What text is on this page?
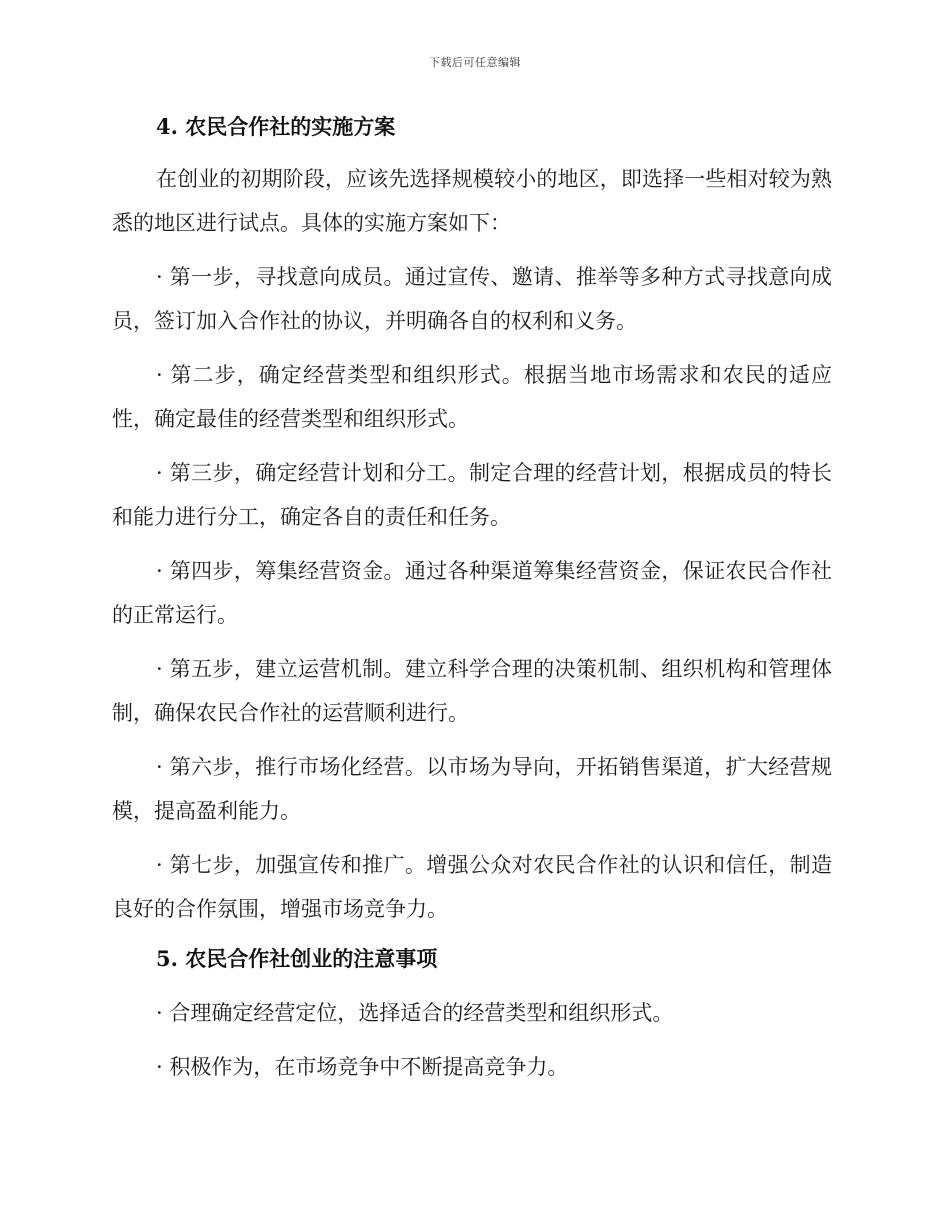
下载后可任意编辑
4. 农民合作社的实施方案

在创业的初期阶段，应该先选择规模较小的地区，即选择一些相对较为熟悉的地区进行试点。具体的实施方案如下：

· 第一步，寻找意向成员。通过宣传、邀请、推举等多种方式寻找意向成员，签订加入合作社的协议，并明确各自的权利和义务。

· 第二步，确定经营类型和组织形式。根据当地市场需求和农民的适应性，确定最佳的经营类型和组织形式。

· 第三步，确定经营计划和分工。制定合理的经营计划，根据成员的特长和能力进行分工，确定各自的责任和任务。

· 第四步，筹集经营资金。通过各种渠道筹集经营资金，保证农民合作社的正常运行。

· 第五步，建立运营机制。建立科学合理的决策机制、组织机构和管理体制，确保农民合作社的运营顺利进行。

· 第六步，推行市场化经营。以市场为导向，开拓销售渠道，扩大经营规模，提高盈利能力。

· 第七步，加强宣传和推广。增强公众对农民合作社的认识和信任，制造良好的合作氛围，增强市场竞争力。

5. 农民合作社创业的注意事项

· 合理确定经营定位，选择适合的经营类型和组织形式。

· 积极作为，在市场竞争中不断提高竞争力。
